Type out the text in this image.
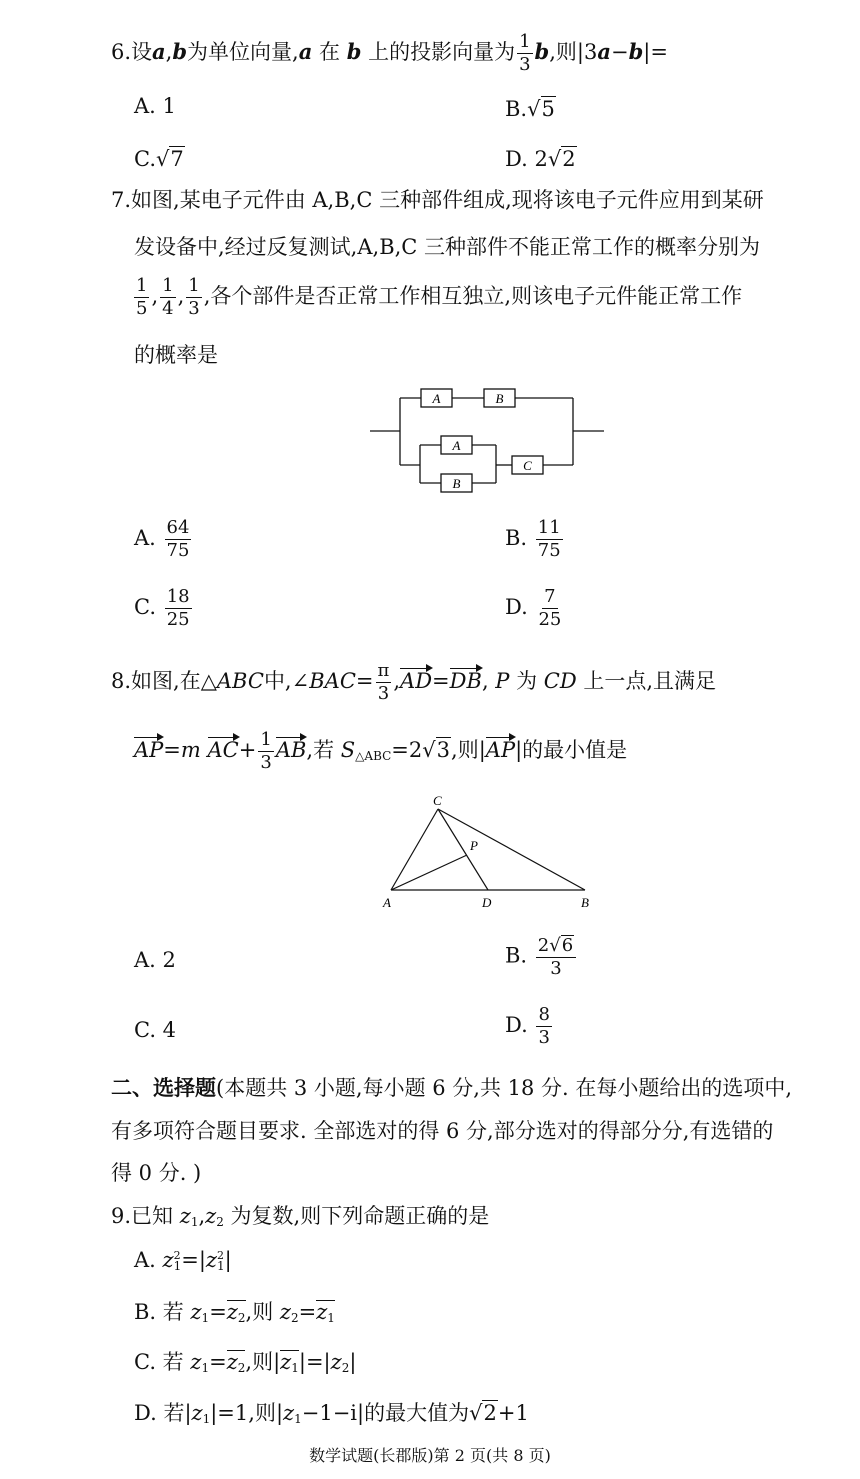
6.设a,b为单位向量,a 在 b 上的投影向量为 $\frac{1}{3} b$,则|3a−b|=
A. 1	B.√5
C.√7	D. 2√2
7.如图,某电子元件由 A,B,C 三种部件组成,现将该电子元件应用到某研
发设备中,经过反复测试,A,B,C 三种部件不能正常工作的概率分别为
$\frac{1}{5}$ , $\frac{1}{4}$ , $\frac{1}{3}$ ,各个部件是否正常工作相互独立,则该电子元件能正常工作
的概率是
A	B
A
B
C
A. $\frac{64}{75}$	B. $\frac{11}{75}$
C. $\frac{18}{25}$	D. $\frac{7}{25}$
8.如图,在△ABC中,∠BAC= $\frac{\pi}{3} ,AD=DB$, P 为 CD 上一点,且满足
AP=m $AC+ \frac{1}{3}$ AB,若 $S_{\triangle ABC}=2√3$,则|AP|的最小值是
C
P
A	D	B
A. 2	B. $\frac{2√6}{3}$
C. 4	D. $\frac{8}{3}$
二、选择题(本题共 3 小题,每小题 6 分,共 18 分. 在每小题给出的选项中,
有多项符合题目要求. 全部选对的得 6 分,部分选对的得部分分,有选错的
得 0 分. )
9.已知 $z_1,z_2$ 为复数,则下列命题正确的是
A. $z^2_1=|z^2_1|$
B. 若 $z_1=z_2$,则 $z_2=z_1$
C. 若 $z_1=z_2$,则$|z_1|=|z_2|$
D. 若$|z_1|=1$,则$|z_1-1-i|$的最大值为√2+1
数学试题(长郡版)第 2 页(共 8 页)
